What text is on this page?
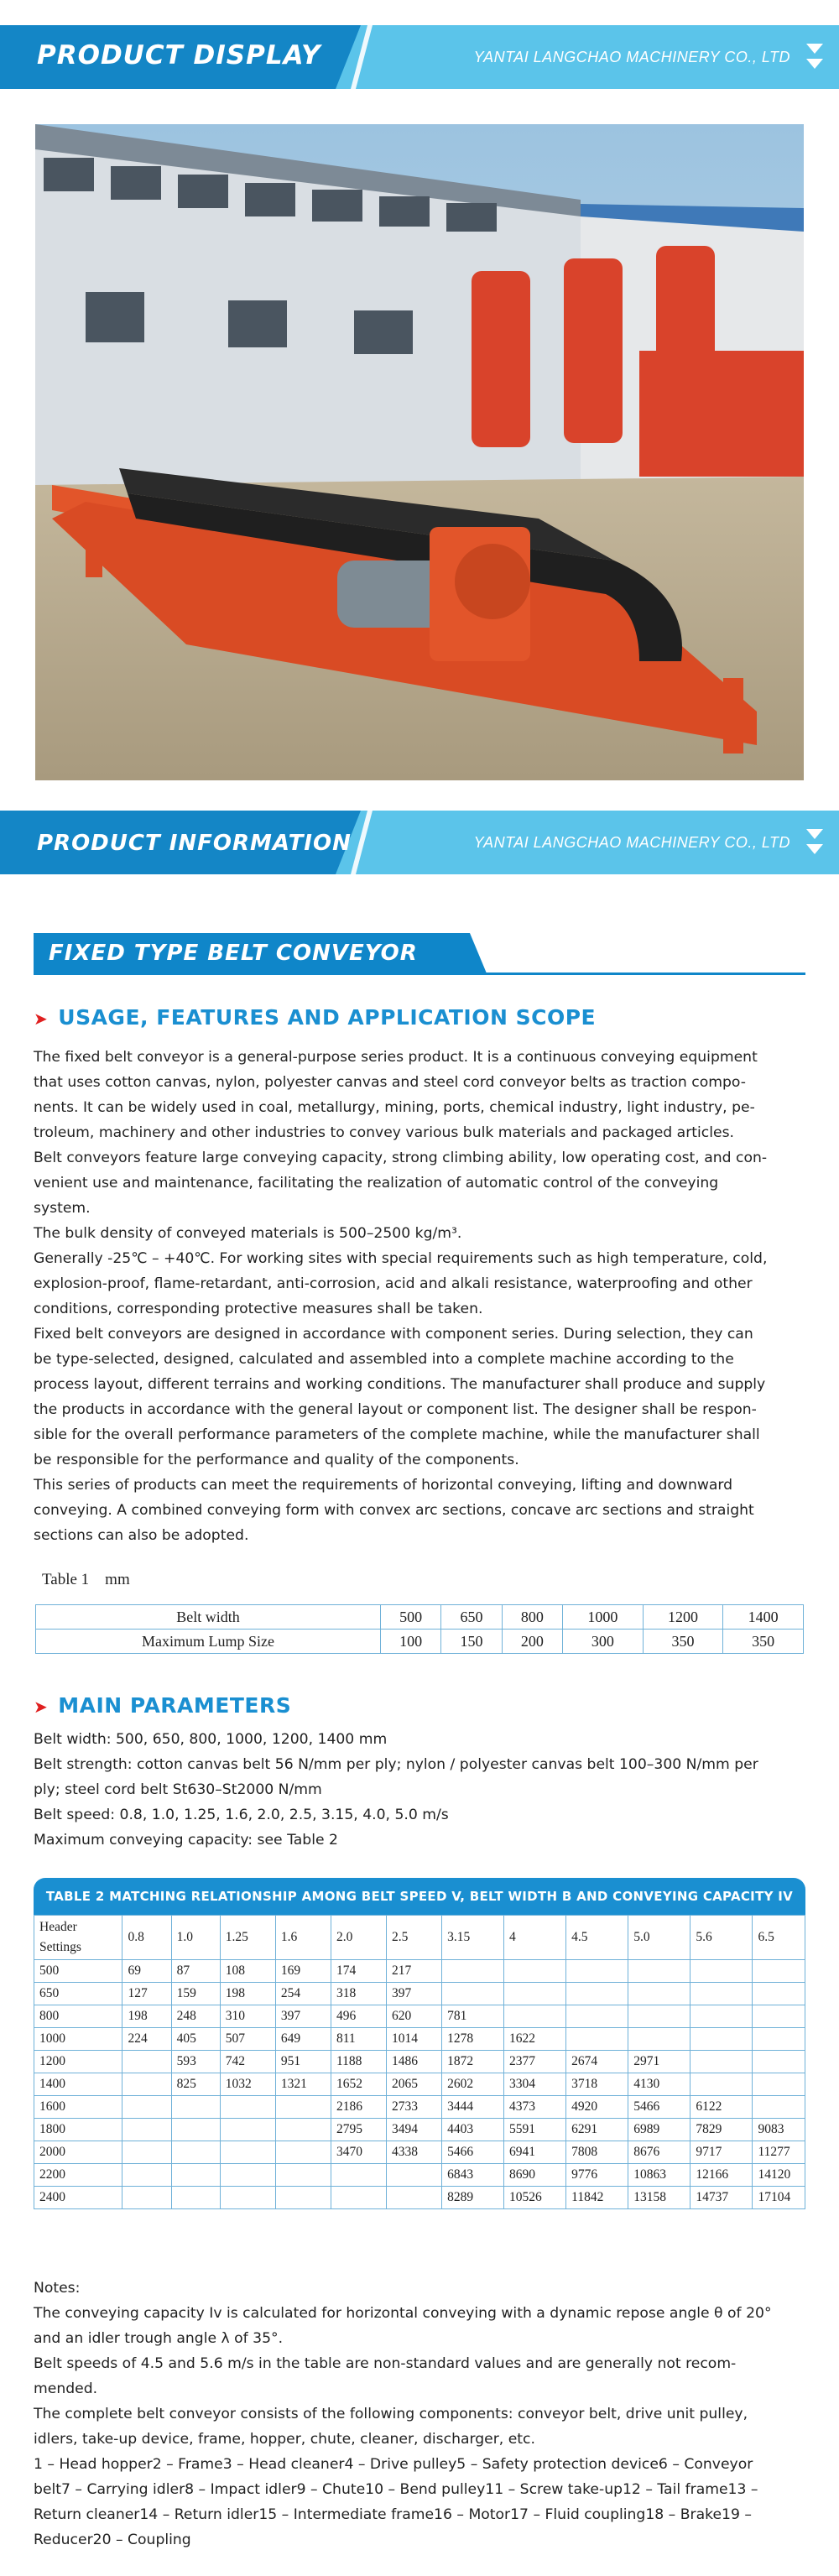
PRODUCT DISPLAY	YANTAI LANGCHAO MACHINERY CO., LTD
PRODUCT INFORMATION	YANTAI LANGCHAO MACHINERY CO., LTD
FIXED TYPE BELT CONVEYOR
➤ USAGE, FEATURES AND APPLICATION SCOPE

The fixed belt conveyor is a general-purpose series product. It is a continuous conveying equipment

that uses cotton canvas, nylon, polyester canvas and steel cord conveyor belts as traction compo-

nents. It can be widely used in coal, metallurgy, mining, ports, chemical industry, light industry, pe-

troleum, machinery and other industries to convey various bulk materials and packaged articles.

Belt conveyors feature large conveying capacity, strong climbing ability, low operating cost, and con-

venient use and maintenance, facilitating the realization of automatic control of the conveying

system.

The bulk density of conveyed materials is 500–2500 kg/m³.

Generally -25℃ – +40℃. For working sites with special requirements such as high temperature, cold,

explosion-proof, flame-retardant, anti-corrosion, acid and alkali resistance, waterproofing and other

conditions, corresponding protective measures shall be taken.

Fixed belt conveyors are designed in accordance with component series. During selection, they can

be type-selected, designed, calculated and assembled into a complete machine according to the

process layout, different terrains and working conditions. The manufacturer shall produce and supply

the products in accordance with the general layout or component list. The designer shall be respon-

sible for the overall performance parameters of the complete machine, while the manufacturer shall

be responsible for the performance and quality of the components.

This series of products can meet the requirements of horizontal conveying, lifting and downward

conveying. A combined conveying form with convex arc sections, concave arc sections and straight

sections can also be adopted.

Table 1    mm
Belt width	500	650	800	1000	1200	1400
Maximum Lump Size	100	150	200	300	350	350
➤ MAIN PARAMETERS

Belt width: 500, 650, 800, 1000, 1200, 1400 mm

Belt strength: cotton canvas belt 56 N/mm per ply; nylon / polyester canvas belt 100–300 N/mm per

ply; steel cord belt St630–St2000 N/mm

Belt speed: 0.8, 1.0, 1.25, 1.6, 2.0, 2.5, 3.15, 4.0, 5.0 m/s

Maximum conveying capacity: see Table 2

TABLE 2 MATCHING RELATIONSHIP AMONG BELT SPEED V, BELT WIDTH B AND CONVEYING CAPACITY IV
Header
Settings	0.8	1.0	1.25	1.6	2.0	2.5	3.15	4	4.5	5.0	5.6	6.5
500	69	87	108	169	174	217						
650	127	159	198	254	318	397						
800	198	248	310	397	496	620	781					
1000	224	405	507	649	811	1014	1278	1622				
1200		593	742	951	1188	1486	1872	2377	2674	2971		
1400		825	1032	1321	1652	2065	2602	3304	3718	4130		
1600					2186	2733	3444	4373	4920	5466	6122	
1800					2795	3494	4403	5591	6291	6989	7829	9083
2000					3470	4338	5466	6941	7808	8676	9717	11277
2200							6843	8690	9776	10863	12166	14120
2400							8289	10526	11842	13158	14737	17104

Notes:

The conveying capacity Iv is calculated for horizontal conveying with a dynamic repose angle θ of 20°

and an idler trough angle λ of 35°.

Belt speeds of 4.5 and 5.6 m/s in the table are non-standard values and are generally not recom-

mended.

The complete belt conveyor consists of the following components: conveyor belt, drive unit pulley,

idlers, take-up device, frame, hopper, chute, cleaner, discharger, etc.

1 – Head hopper2 – Frame3 – Head cleaner4 – Drive pulley5 – Safety protection device6 – Conveyor

belt7 – Carrying idler8 – Impact idler9 – Chute10 – Bend pulley11 – Screw take-up12 – Tail frame13 –

Return cleaner14 – Return idler15 – Intermediate frame16 – Motor17 – Fluid coupling18 – Brake19 –

Reducer20 – Coupling
